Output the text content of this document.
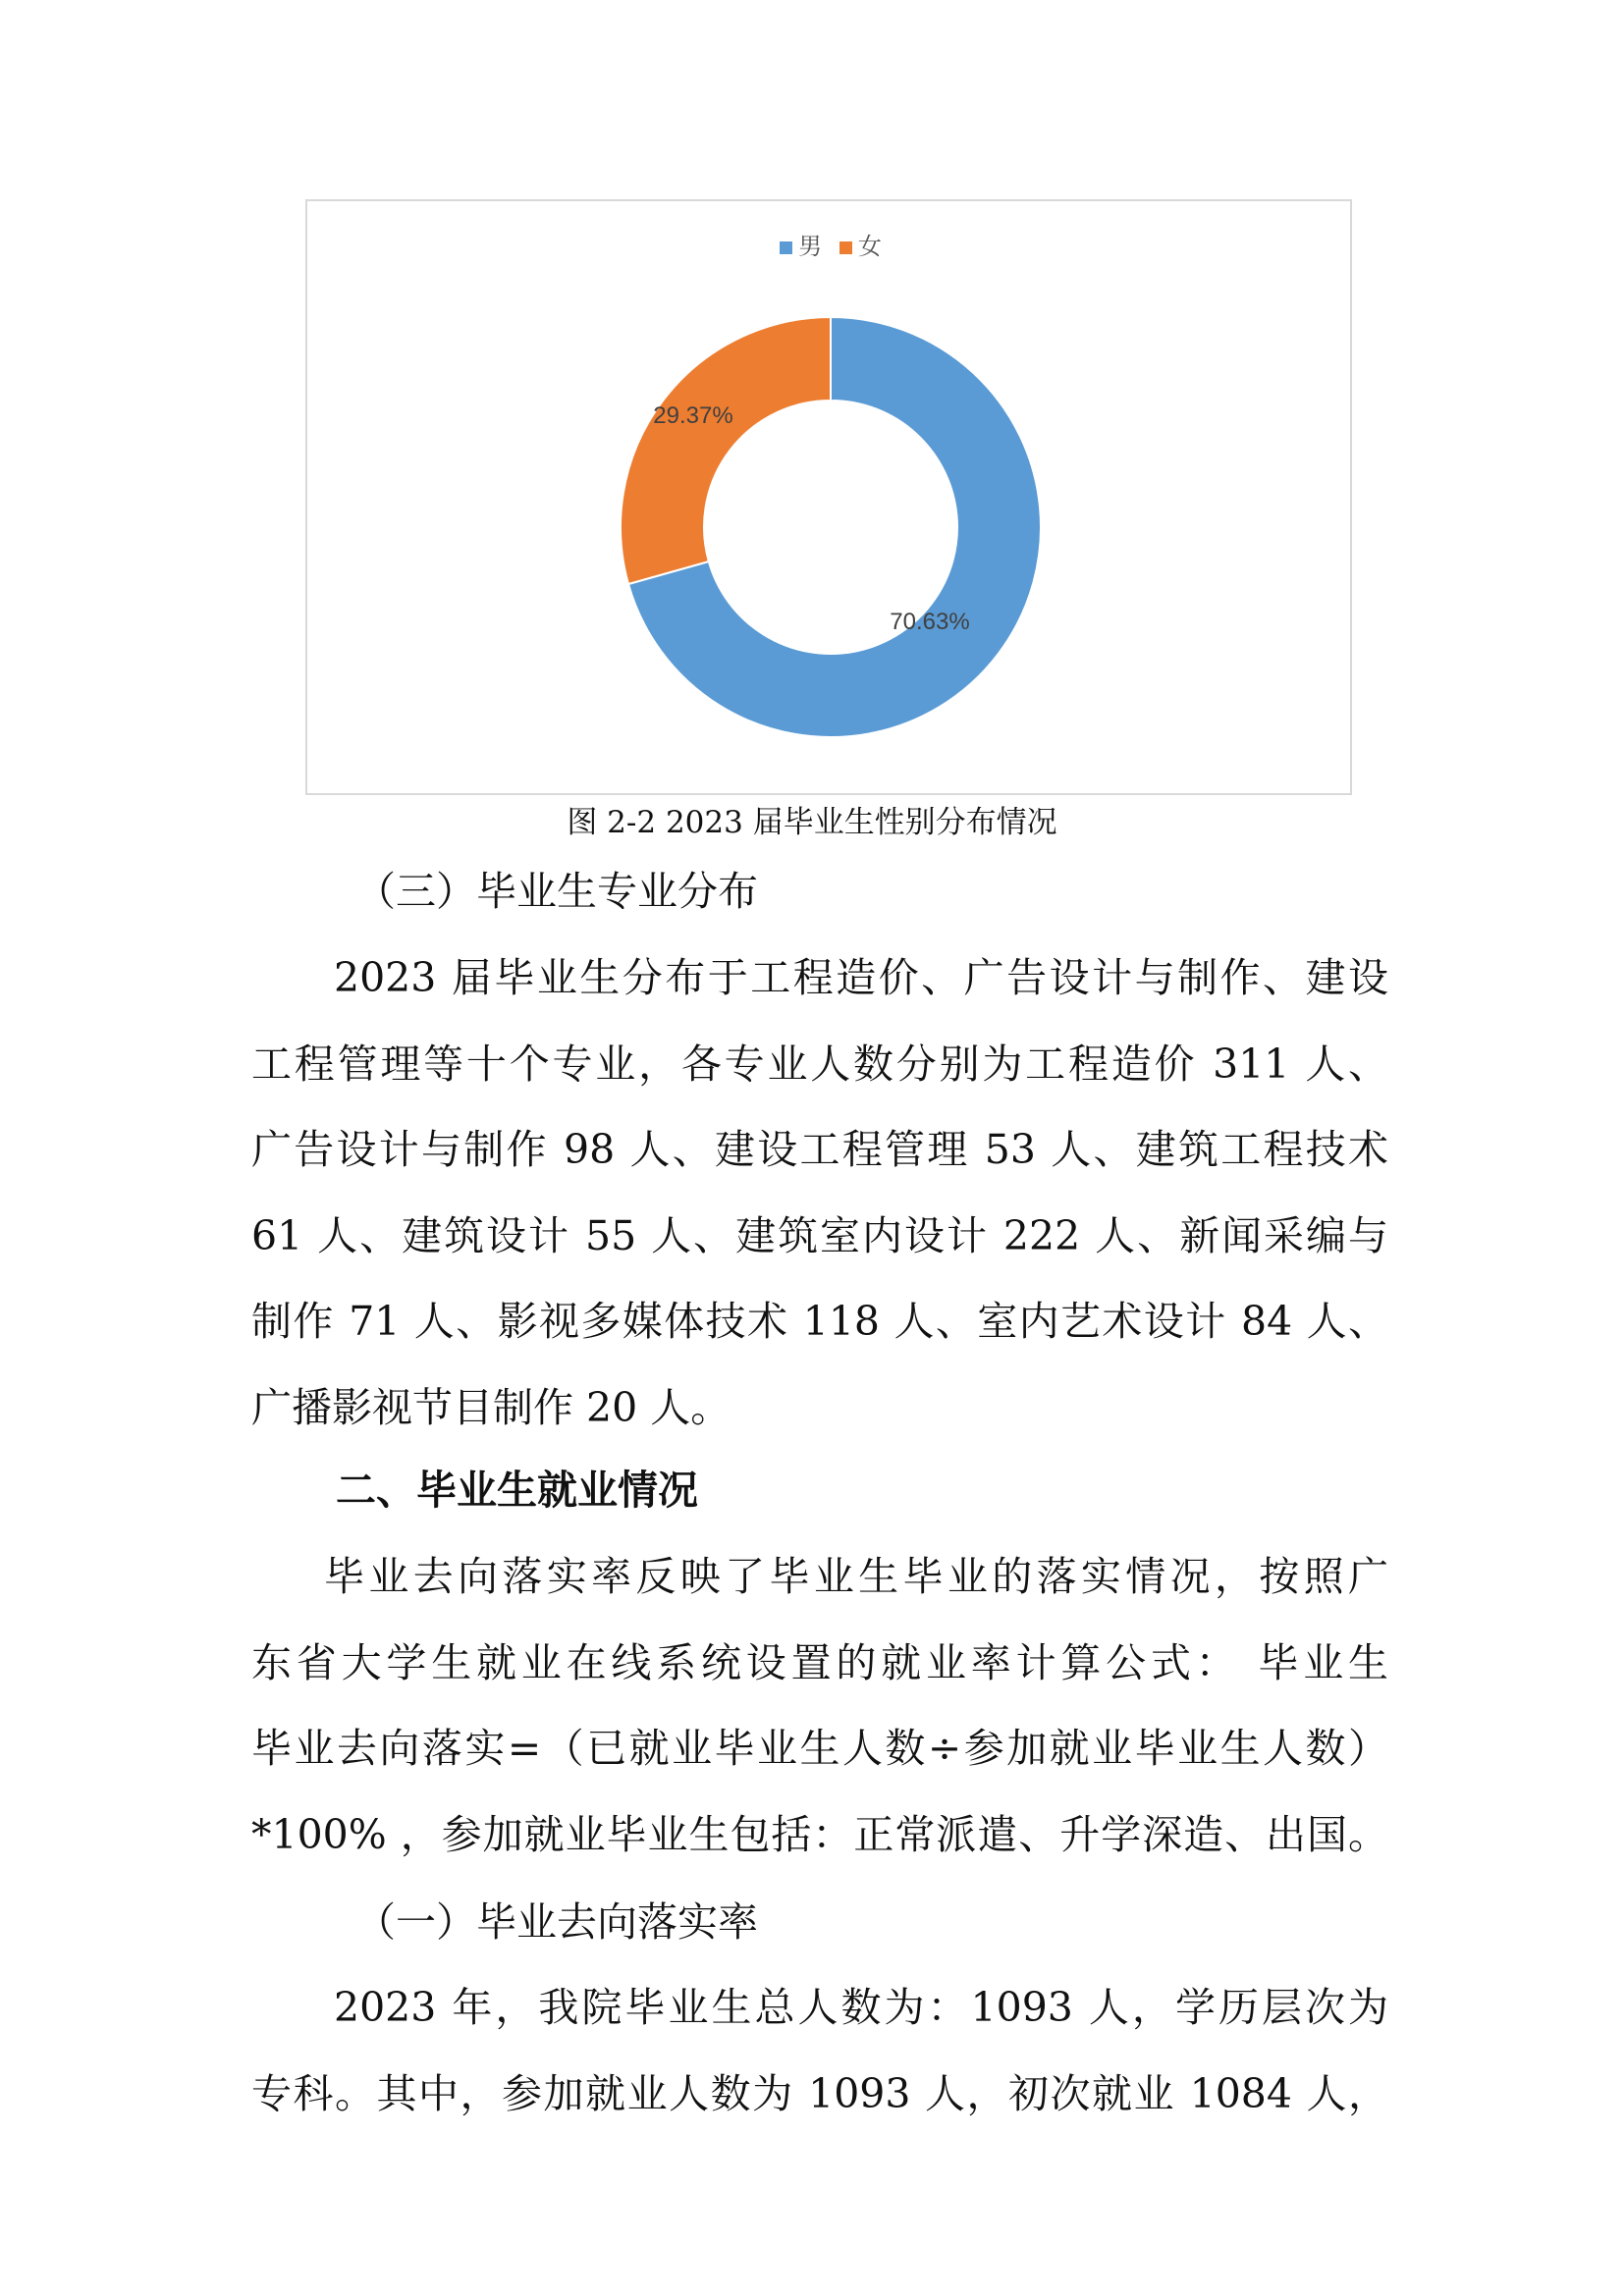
男 女
70.63%
29.37%
图 2-2 2023 届毕业生性别分布情况
（三）毕业生专业分布
2023 届毕业生分布于工程造价、广告设计与制作、建设
工程管理等十个专业，各专业人数分别为工程造价 311 人、
广告设计与制作 98 人、建设工程管理 53 人、建筑工程技术
61 人、建筑设计 55 人、建筑室内设计 222 人、新闻采编与
制作 71 人、影视多媒体技术 118 人、室内艺术设计 84 人、
广播影视节目制作 20 人。
二、毕业生就业情况
毕业去向落实率反映了毕业生毕业的落实情况，按照广
东省大学生就业在线系统设置的就业率计算公式： 毕业生
毕业去向落实=（已就业毕业生人数÷参加就业毕业生人数）
*100% ，参加就业毕业生包括：正常派遣、升学深造、出国。
（一）毕业去向落实率
2023 年，我院毕业生总人数为：1093 人，学历层次为
专科。其中，参加就业人数为 1093 人，初次就业 1084 人，
